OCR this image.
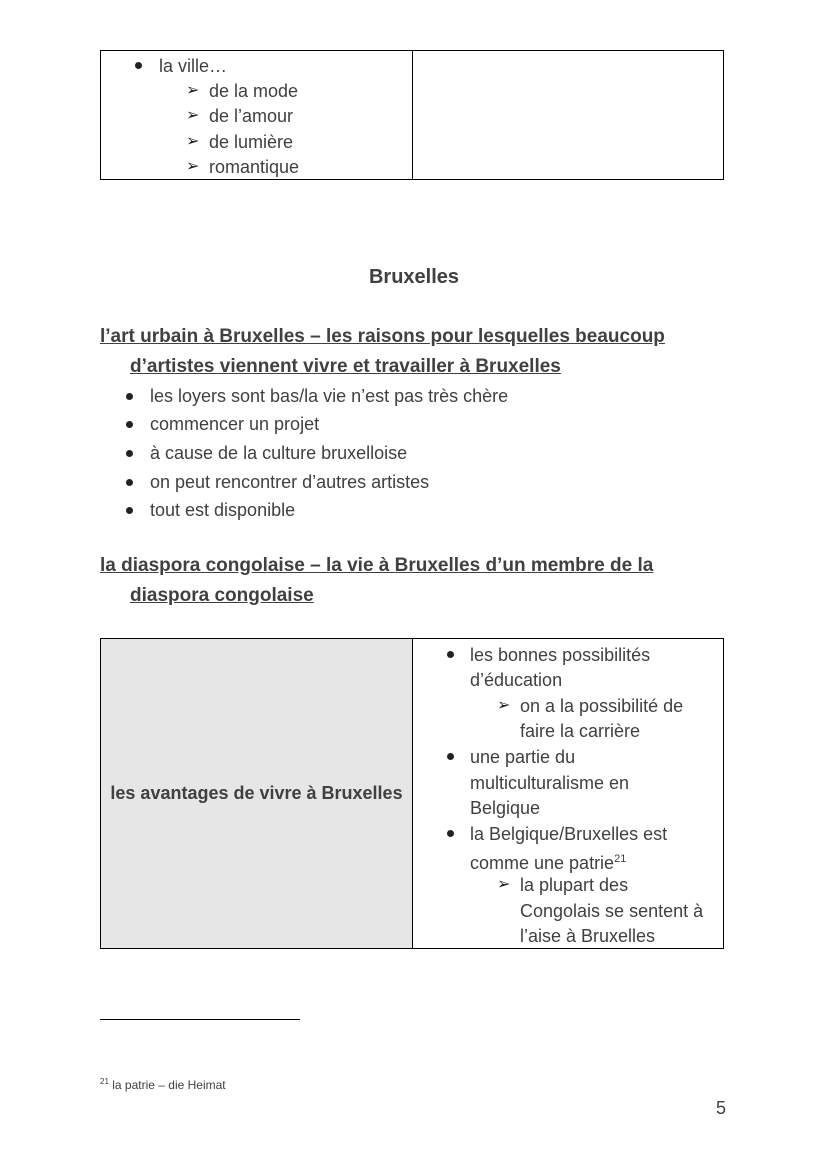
la ville…
➢ de la mode
➢ de l’amour
➢ de lumière
➢ romantique
Bruxelles
l’art urbain à Bruxelles – les raisons pour lesquelles beaucoup
d’artistes viennent vivre et travailler à Bruxelles
les loyers sont bas/la vie n’est pas très chère
commencer un projet
à cause de la culture bruxelloise
on peut rencontrer d’autres artistes
tout est disponible
la diaspora congolaise – la vie à Bruxelles d’un membre de la
diaspora congolaise
les avantages de vivre à Bruxelles
les bonnes possibilités
d’éducation
➢ on a la possibilité de
faire la carrière
une partie du
multiculturalisme en
Belgique
la Belgique/Bruxelles est
comme une patrie$^{21}$
➢ la plupart des
Congolais se sentent à
l’aise à Bruxelles
$^{21}$ la patrie – die Heimat
5
